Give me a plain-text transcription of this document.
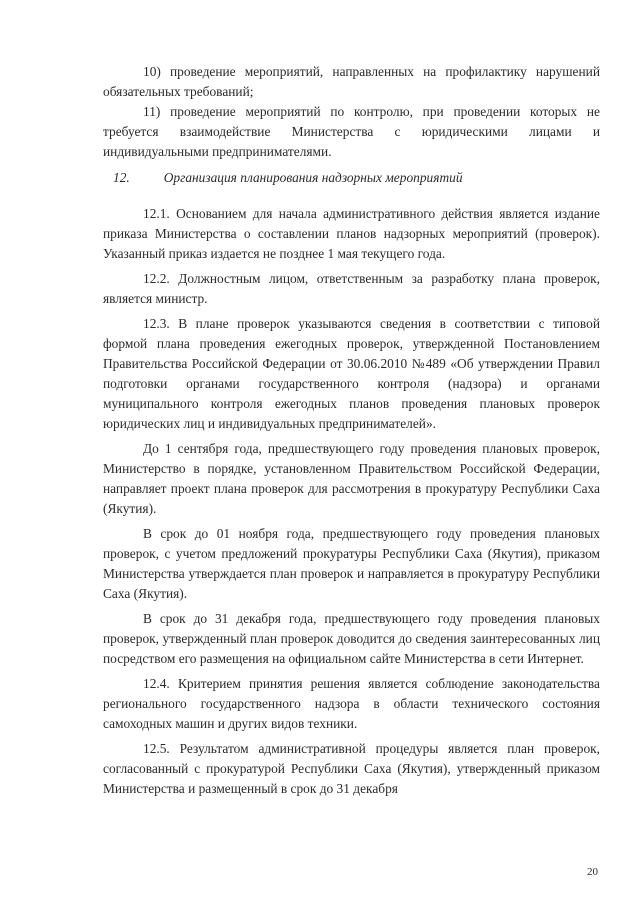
10) проведение мероприятий, направленных на профилактику нарушений обязательных требований;

11) проведение мероприятий по контролю, при проведении которых не требуется взаимодействие Министерства с юридическими лицами и индивидуальными предпринимателями.

12.	Организация планирования надзорных мероприятий

12.1. Основанием для начала административного действия является издание приказа Министерства о составлении планов надзорных мероприятий (проверок). Указанный приказ издается не позднее 1 мая текущего года.

12.2. Должностным лицом, ответственным за разработку плана проверок, является министр.

12.3. В плане проверок указываются сведения в соответствии с типовой формой плана проведения ежегодных проверок, утвержденной Постановлением Правительства Российской Федерации от 30.06.2010 №489 «Об утверждении Правил подготовки органами государственного контроля (надзора) и органами муниципального контроля ежегодных планов проведения плановых проверок юридических лиц и индивидуальных предпринимателей».

До 1 сентября года, предшествующего году проведения плановых проверок, Министерство в порядке, установленном Правительством Российской Федерации, направляет проект плана проверок для рассмотрения в прокуратуру Республики Саха (Якутия).

В срок до 01 ноября года, предшествующего году проведения плановых проверок, с учетом предложений прокуратуры Республики Саха (Якутия), приказом Министерства утверждается план проверок и направляется в прокуратуру Республики Саха (Якутия).

В срок до 31 декабря года, предшествующего году проведения плановых проверок, утвержденный план проверок доводится до сведения заинтересованных лиц посредством его размещения на официальном сайте Министерства в сети Интернет.

12.4. Критерием принятия решения является соблюдение законодательства регионального государственного надзора в области технического состояния самоходных машин и других видов техники.

12.5. Результатом административной процедуры является план проверок, согласованный с прокуратурой Республики Саха (Якутия), утвержденный приказом Министерства и размещенный в срок до 31 декабря

20
